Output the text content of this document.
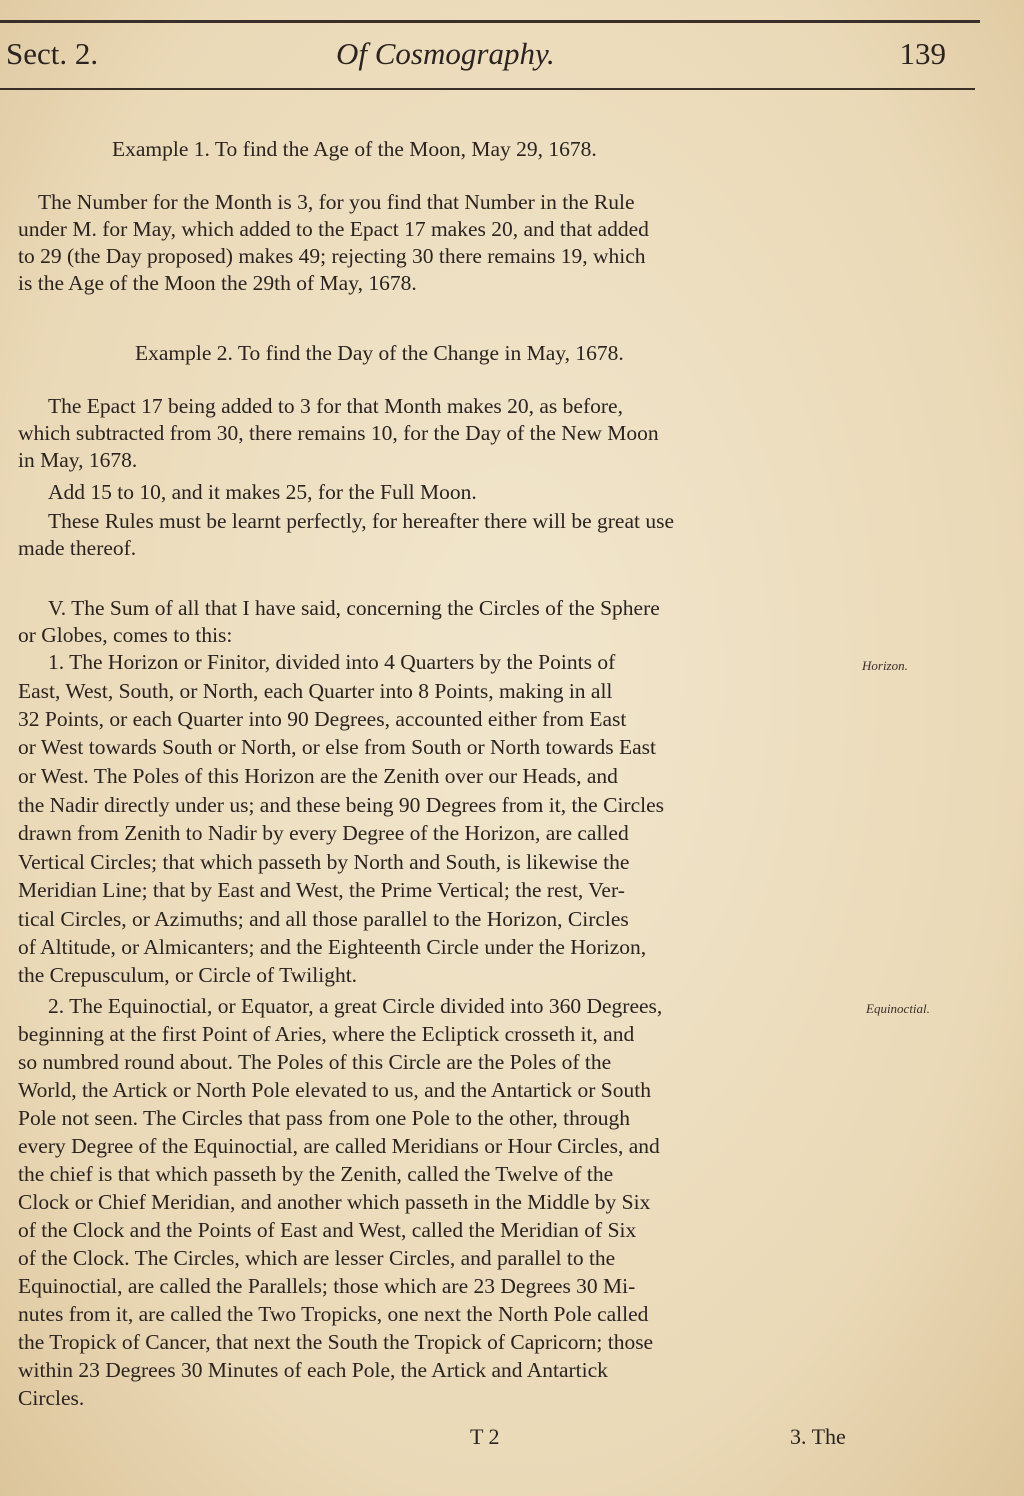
Sect. 2.	Of Cosmography.	139
Example 1. To find the Age of the Moon, May 29, 1678.
The Number for the Month is 3, for you find that Number in the Rule
under M. for May, which added to the Epact 17 makes 20, and that added
to 29 (the Day proposed) makes 49; rejecting 30 there remains 19, which
is the Age of the Moon the 29th of May, 1678.
Example 2. To find the Day of the Change in May, 1678.
The Epact 17 being added to 3 for that Month makes 20, as before,
which subtracted from 30, there remains 10, for the Day of the New Moon
in May, 1678.
Add 15 to 10, and it makes 25, for the Full Moon.
These Rules must be learnt perfectly, for hereafter there will be great use
made thereof.
V. The Sum of all that I have said, concerning the Circles of the Sphere
or Globes, comes to this:
1. The Horizon or Finitor, divided into 4 Quarters by the Points of
East, West, South, or North, each Quarter into 8 Points, making in all
32 Points, or each Quarter into 90 Degrees, accounted either from East
or West towards South or North, or else from South or North towards East
or West. The Poles of this Horizon are the Zenith over our Heads, and
the Nadir directly under us; and these being 90 Degrees from it, the Circles
drawn from Zenith to Nadir by every Degree of the Horizon, are called
Vertical Circles; that which passeth by North and South, is likewise the
Meridian Line; that by East and West, the Prime Vertical; the rest, Ver-
tical Circles, or Azimuths; and all those parallel to the Horizon, Circles
of Altitude, or Almicanters; and the Eighteenth Circle under the Horizon,
the Crepusculum, or Circle of Twilight.
2. The Equinoctial, or Equator, a great Circle divided into 360 Degrees,
beginning at the first Point of Aries, where the Ecliptick crosseth it, and
so numbred round about. The Poles of this Circle are the Poles of the
World, the Artick or North Pole elevated to us, and the Antartick or South
Pole not seen. The Circles that pass from one Pole to the other, through
every Degree of the Equinoctial, are called Meridians or Hour Circles, and
the chief is that which passeth by the Zenith, called the Twelve of the
Clock or Chief Meridian, and another which passeth in the Middle by Six
of the Clock and the Points of East and West, called the Meridian of Six
of the Clock. The Circles, which are lesser Circles, and parallel to the
Equinoctial, are called the Parallels; those which are 23 Degrees 30 Mi-
nutes from it, are called the Two Tropicks, one next the North Pole called
the Tropick of Cancer, that next the South the Tropick of Capricorn; those
within 23 Degrees 30 Minutes of each Pole, the Artick and Antartick
Circles.
Horizon.
Equinoctial.
T 2	3. The
